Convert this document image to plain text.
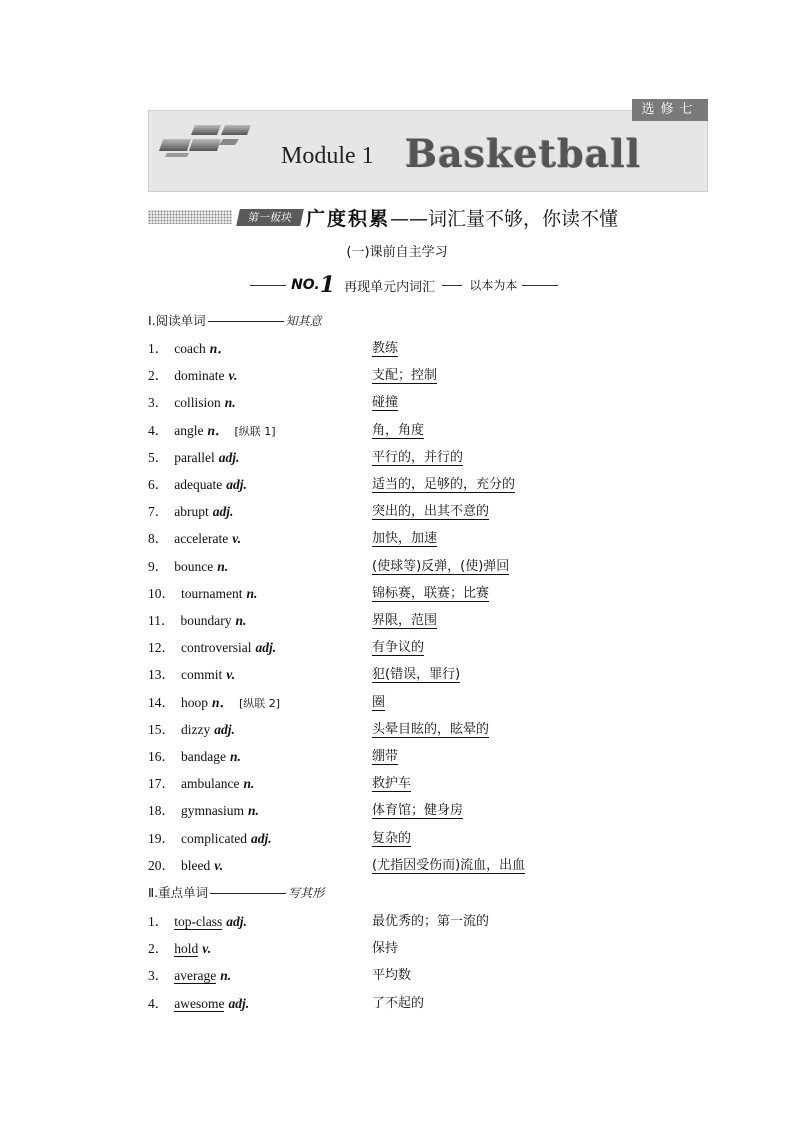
选修七
Module 1 Basketball
第一板块 广度积累——词汇量不够，你读不懂
(一)课前自主学习
NO.1 再现单元内词汇	以本为本
Ⅰ.阅读单词	知其意
1． coach n．	教练
2． dominate v.	支配；控制
3． collision n.	碰撞
4． angle n． [纵联 1]	角，角度
5． parallel adj.	平行的，并行的
6． adequate adj.	适当的，足够的，充分的
7． abrupt adj.	突出的，出其不意的
8． accelerate v.	加快，加速
9． bounce n.	(使球等)反弹，(使)弹回
10． tournament n.	锦标赛，联赛；比赛
11． boundary n.	界限，范围
12． controversial adj.	有争议的
13． commit v.	犯(错误，罪行)
14． hoop n． [纵联 2]	圈
15． dizzy adj.	头晕目眩的，眩晕的
16． bandage n.	绷带
17． ambulance n.	救护车
18． gymnasium n.	体育馆；健身房
19． complicated adj.	复杂的
20． bleed v.	(尤指因受伤而)流血，出血
Ⅱ.重点单词	写其形
1． top-class adj.	最优秀的；第一流的
2． hold v.	保持
3． average n.	平均数
4． awesome adj.	了不起的
